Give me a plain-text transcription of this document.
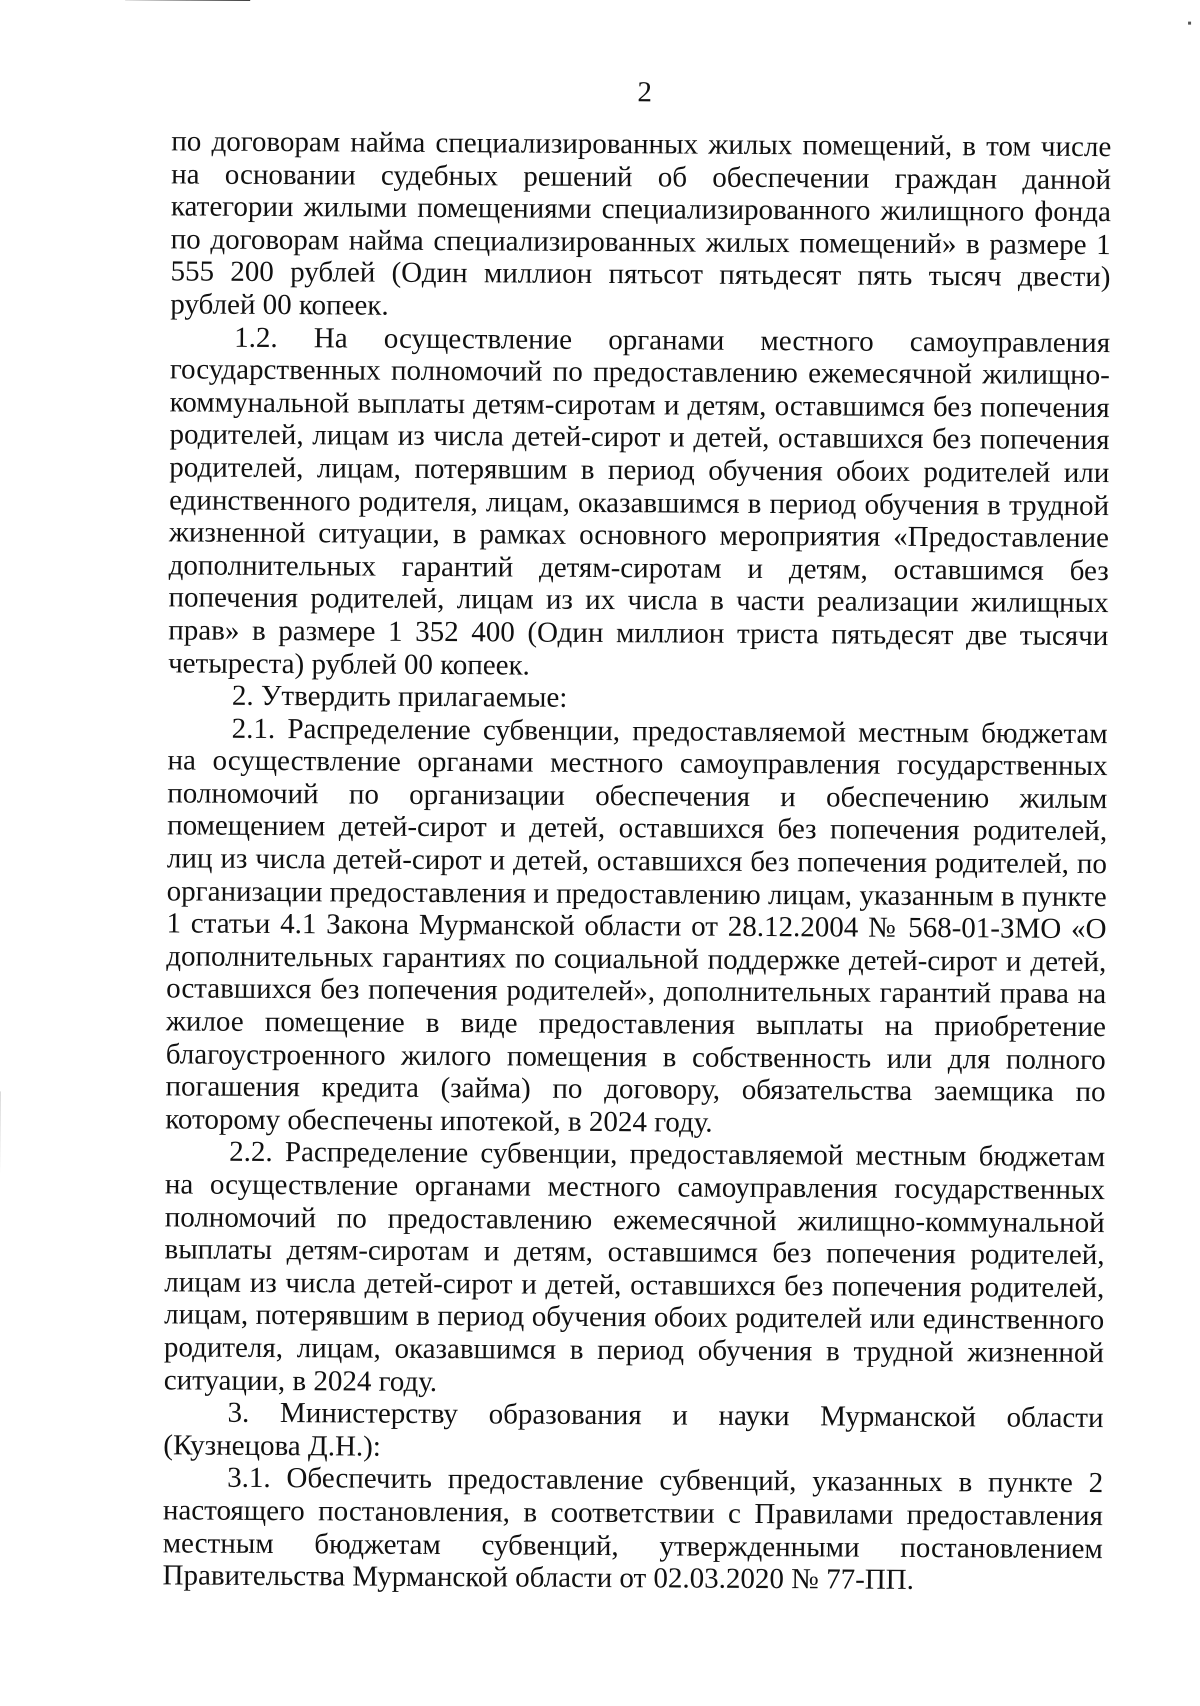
2

по договорам найма специализированных жилых помещений, в том числе на основании судебных решений об обеспечении граждан данной категории жилыми помещениями специализированного жилищного фонда по договорам найма специализированных жилых помещений» в размере 1 555 200 рублей (Один миллион пятьсот пятьдесят пять тысяч двести) рублей 00 копеек.

1.2. На осуществление органами местного самоуправления государственных полномочий по предоставлению ежемесячной жилищно-коммунальной выплаты детям-сиротам и детям, оставшимся без попечения родителей, лицам из числа детей-сирот и детей, оставшихся без попечения родителей, лицам, потерявшим в период обучения обоих родителей или единственного родителя, лицам, оказавшимся в период обучения в трудной жизненной ситуации, в рамках основного мероприятия «Предоставление дополнительных гарантий детям-сиротам и детям, оставшимся без попечения родителей, лицам из их числа в части реализации жилищных прав» в размере 1 352 400 (Один миллион триста пятьдесят две тысячи четыреста) рублей 00 копеек.

2. Утвердить прилагаемые:

2.1. Распределение субвенции, предоставляемой местным бюджетам на осуществление органами местного самоуправления государственных полномочий по организации обеспечения и обеспечению жилым помещением детей-сирот и детей, оставшихся без попечения родителей, лиц из числа детей-сирот и детей, оставшихся без попечения родителей, по организации предоставления и предоставлению лицам, указанным в пункте 1 статьи 4.1 Закона Мурманской области от 28.12.2004 № 568-01-ЗМО «О дополнительных гарантиях по социальной поддержке детей-сирот и детей, оставшихся без попечения родителей», дополнительных гарантий права на жилое помещение в виде предоставления выплаты на приобретение благоустроенного жилого помещения в собственность или для полного погашения кредита (займа) по договору, обязательства заемщика по которому обеспечены ипотекой, в 2024 году.

2.2. Распределение субвенции, предоставляемой местным бюджетам на осуществление органами местного самоуправления государственных полномочий по предоставлению ежемесячной жилищно-коммунальной выплаты детям-сиротам и детям, оставшимся без попечения родителей, лицам из числа детей-сирот и детей, оставшихся без попечения родителей, лицам, потерявшим в период обучения обоих родителей или единственного родителя, лицам, оказавшимся в период обучения в трудной жизненной ситуации, в 2024 году.

3. Министерству образования и науки Мурманской области (Кузнецова Д.Н.):

3.1. Обеспечить предоставление субвенций, указанных в пункте 2 настоящего постановления, в соответствии с Правилами предоставления местным бюджетам субвенций, утвержденными постановлением Правительства Мурманской области от 02.03.2020 № 77-ПП.
